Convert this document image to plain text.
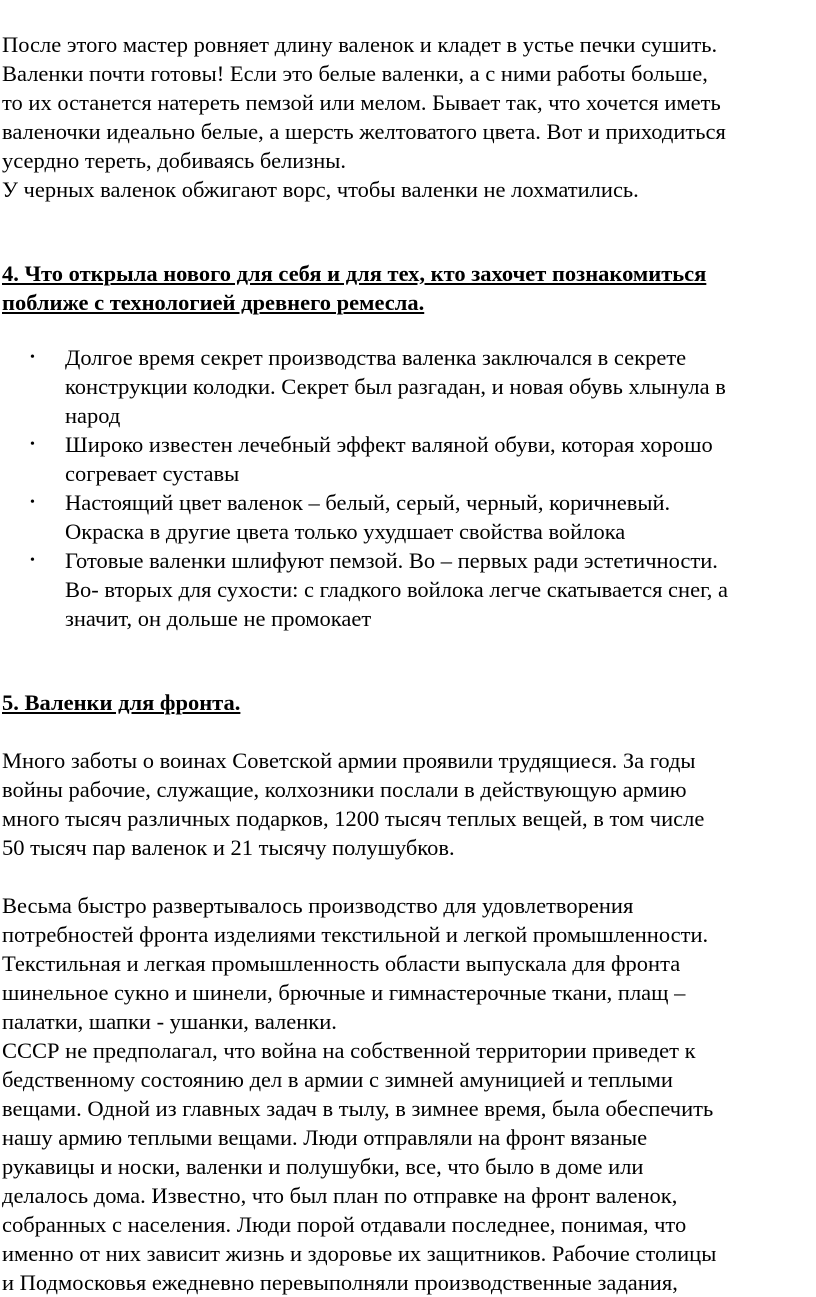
После этого мастер ровняет длину валенок и кладет в устье печки сушить.

Валенки почти готовы! Если это белые валенки, а с ними работы больше,

то их останется натереть пемзой или мелом. Бывает так, что хочется иметь

валеночки идеально белые, а шерсть желтоватого цвета. Вот и приходиться

усердно тереть, добиваясь белизны.

У черных валенок обжигают ворс, чтобы валенки не лохматились.

4. Что открыла нового для себя и для тех, кто захочет познакомиться

поближе с технологией древнего ремесла.

• Долгое время секрет производства валенка заключался в секрете

конструкции колодки. Секрет был разгадан, и новая обувь хлынула в

народ

• Широко известен лечебный эффект валяной обуви, которая хорошо

согревает суставы

• Настоящий цвет валенок – белый, серый, черный, коричневый.

Окраска в другие цвета только ухудшает свойства войлока

• Готовые валенки шлифуют пемзой. Во – первых ради эстетичности.

Во- вторых для сухости: с гладкого войлока легче скатывается снег, а

значит, он дольше не промокает

5. Валенки для фронта.

Много заботы о воинах Советской армии проявили трудящиеся. За годы

войны рабочие, служащие, колхозники послали в действующую армию

много тысяч различных подарков, 1200 тысяч теплых вещей, в том числе

50 тысяч пар валенок и 21 тысячу полушубков.

Весьма быстро развертывалось производство для удовлетворения

потребностей фронта изделиями текстильной и легкой промышленности.

Текстильная и легкая промышленность области выпускала для фронта

шинельное сукно и шинели, брючные и гимнастерочные ткани, плащ –

палатки, шапки - ушанки, валенки.

СССР не предполагал, что война на собственной территории приведет к

бедственному состоянию дел в армии с зимней амуницией и теплыми

вещами. Одной из главных задач в тылу, в зимнее время, была обеспечить

нашу армию теплыми вещами. Люди отправляли на фронт вязаные

рукавицы и носки, валенки и полушубки, все, что было в доме или

делалось дома. Известно, что был план по отправке на фронт валенок,

собранных с населения. Люди порой отдавали последнее, понимая, что

именно от них зависит жизнь и здоровье их защитников. Рабочие столицы

и Подмосковья ежедневно перевыполняли производственные задания,
